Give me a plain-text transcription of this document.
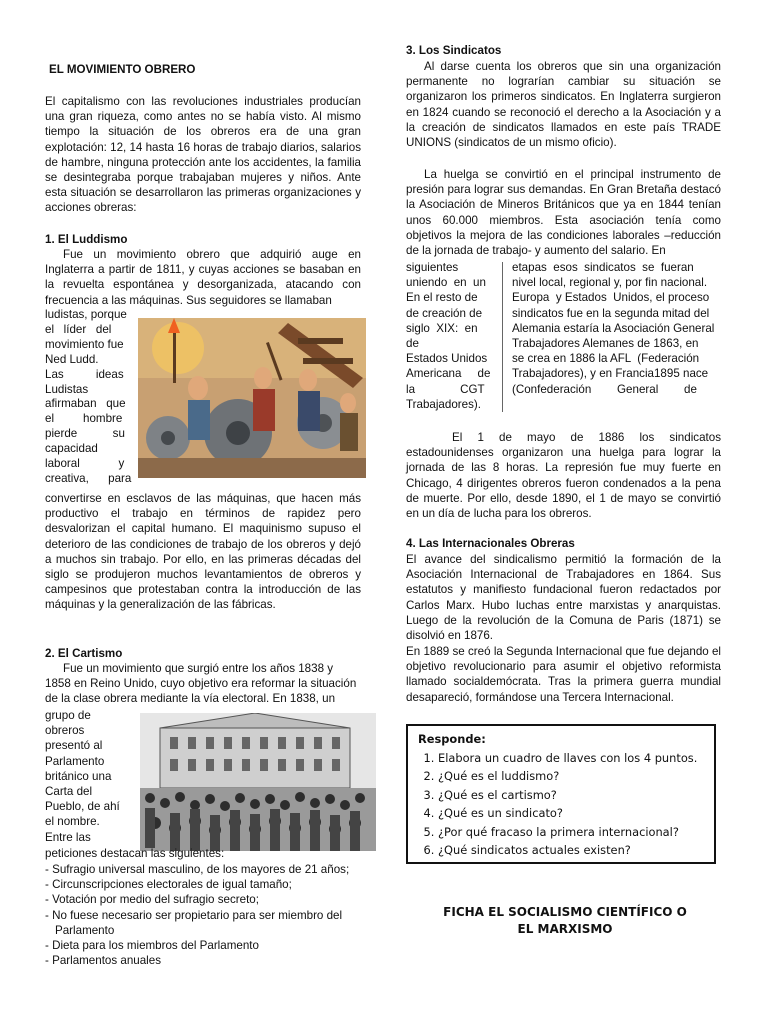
EL MOVIMIENTO OBRERO
El capitalismo con las revoluciones industriales producían una gran riqueza, como antes no se había visto. Al mismo tiempo la situación de los obreros era de una gran explotación: 12, 14 hasta 16 horas de trabajo diarios, salarios de hambre, ninguna protección ante los accidentes, la familia se desintegraba porque trabajaban mujeres y niños. Ante esta situación se desarrollaron las primeras organizaciones y acciones obreras:
1. El Luddismo
Fue un movimiento obrero que adquirió auge en Inglaterra a partir de 1811, y cuyas acciones se basaban en la revuelta espontánea y desorganizada, atacando con frecuencia a las máquinas. Sus seguidores se llamaban
ludistas, porque
el   líder   del
movimiento fue
Ned Ludd.
Las          ideas
Ludistas
afirmaban   que
el         hombre
pierde           su
capacidad
laboral            y
creativa,      para
convertirse en esclavos de las máquinas, que hacen más productivo el trabajo en términos de rapidez pero desvalorizan el capital humano. El maquinismo supuso el deterioro de las condiciones de trabajo de los obreros y dejó a muchos sin trabajo. Por ello, en las primeras décadas del siglo se produjeron muchos levantamientos de obreros y campesinos que protestaban contra la introducción de las máquinas y la generalización de las fábricas.
2. El Cartismo
Fue un movimiento que surgió entre los años 1838 y 1858 en Reino Unido, cuyo objetivo era reformar la situación de la clase obrera mediante la vía electoral. En 1838, un
grupo de
obreros
presentó al
Parlamento
británico una
Carta del
Pueblo, de ahí
el nombre.
Entre las
peticiones destacan las siguientes:
- Sufragio universal masculino, de los mayores de 21 años;
- Circunscripciones electorales de igual tamaño;
- Votación por medio del sufragio secreto;
- No fuese necesario ser propietario para ser miembro del Parlamento
- Dieta para los miembros del Parlamento
- Parlamentos anuales
3. Los Sindicatos
Al darse cuenta los obreros que sin una organización permanente no lograrían cambiar su situación se organizaron los primeros sindicatos. En Inglaterra surgieron en 1824 cuando se reconoció el derecho a la Asociación y a la creación de sindicatos llamados en este país TRADE UNIONS (sindicatos de un mismo oficio).
La huelga se convirtió en el principal instrumento de presión para lograr sus demandas. En Gran Bretaña destacó la Asociación de Mineros Británicos que ya en 1844 tenían unos 60.000 miembros. Esta asociación tenía como objetivos la mejora de las condiciones laborales –reducción de la jornada de trabajo- y aumento del salario. En
siguientes
uniendo  en  un
En el resto de
de creación de
siglo  XIX:  en
de
Estados Unidos
Americana     de
la              CGT
Trabajadores).
etapas  esos  sindicatos  se  fueran
nivel local, regional y, por fin nacional.
Europa  y Estados  Unidos, el proceso
sindicatos fue en la segunda mitad del
Alemania estaría la Asociación General
Trabajadores Alemanes de 1863, en
se crea en 1886 la AFL  (Federación
Trabajadores), y en Francia1895 nace
(Confederación        General        de
El 1 de mayo de 1886 los sindicatos estadounidenses organizaron una huelga para lograr la jornada de las 8 horas. La represión fue muy fuerte en Chicago, 4 dirigentes obreros fueron condenados a la pena de muerte. Por ello, desde 1890, el 1 de mayo se convirtió en un día de lucha para los obreros.
4. Las Internacionales Obreras
El avance del sindicalismo permitió la formación de la Asociación Internacional de Trabajadores en 1864. Sus estatutos y manifiesto fundacional fueron redactados por Carlos Marx. Hubo luchas entre marxistas y anarquistas. Luego de la revolución de la Comuna de Paris (1871) se disolvió en 1876.
En 1889 se creó la Segunda Internacional que fue dejando el objetivo revolucionario para asumir el objetivo reformista llamado socialdemócrata. Tras la primera guerra mundial desapareció, formándose una Tercera Internacional.
Responde:
1. Elabora un cuadro de llaves con los 4 puntos.
2. ¿Qué es el luddismo?
3. ¿Qué es el cartismo?
4. ¿Qué es un sindicato?
5. ¿Por qué fracaso la primera internacional?
6. ¿Qué sindicatos actuales existen?
FICHA EL SOCIALISMO CIENTÍFICO O
EL MARXISMO
